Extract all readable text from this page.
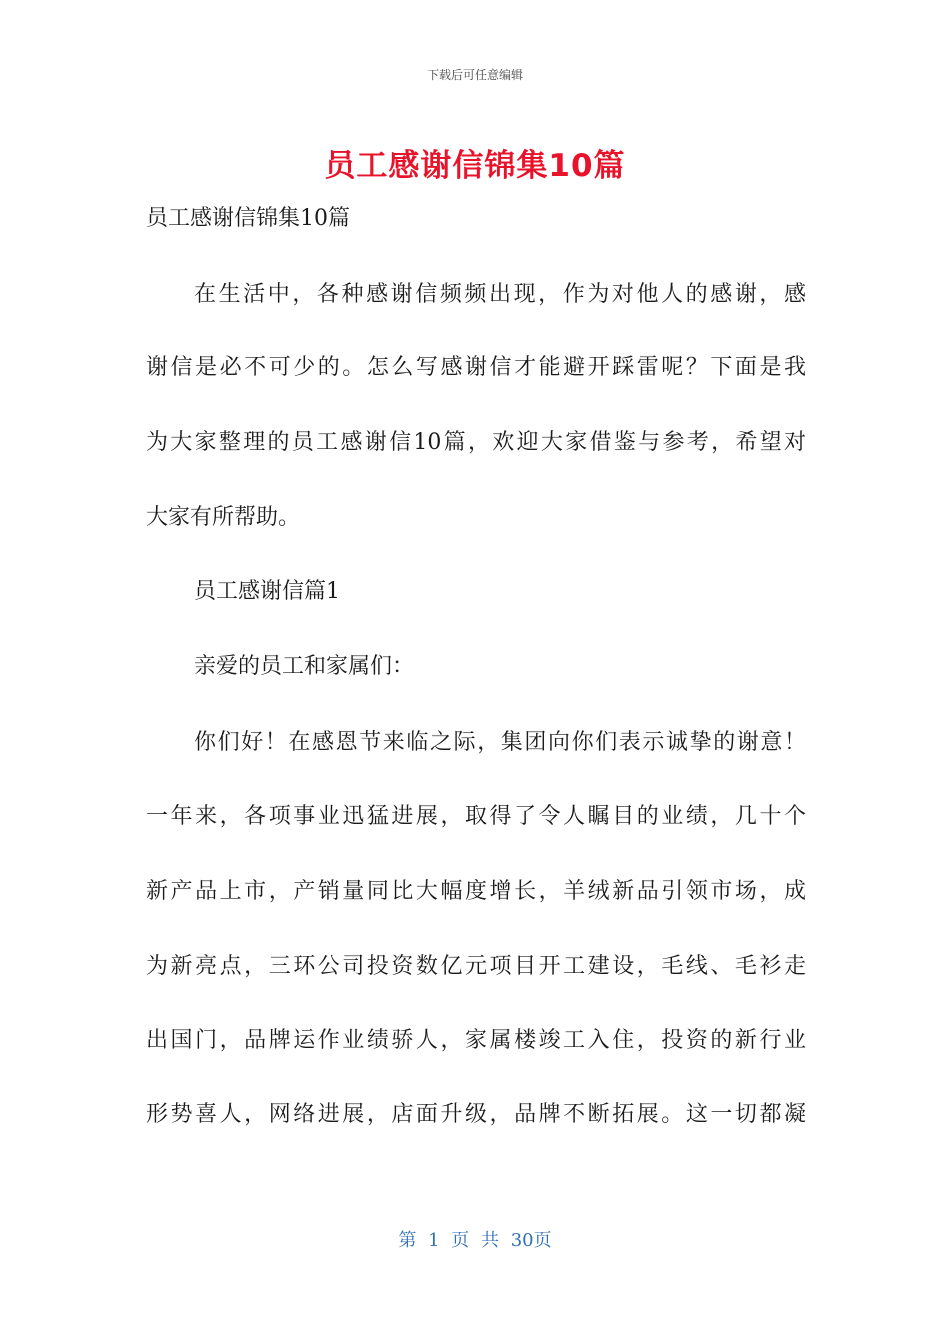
下载后可任意编辑
员工感谢信锦集10篇
员工感谢信锦集10篇
在生活中，各种感谢信频频出现，作为对他人的感谢，感
谢信是必不可少的。怎么写感谢信才能避开踩雷呢？下面是我
为大家整理的员工感谢信10篇，欢迎大家借鉴与参考，希望对
大家有所帮助。
员工感谢信篇1
亲爱的员工和家属们：
你们好！在感恩节来临之际，集团向你们表示诚挚的谢意！
一年来，各项事业迅猛进展，取得了令人瞩目的业绩，几十个
新产品上市，产销量同比大幅度增长，羊绒新品引领市场，成
为新亮点，三环公司投资数亿元项目开工建设，毛线、毛衫走
出国门，品牌运作业绩骄人，家属楼竣工入住，投资的新行业
形势喜人，网络进展，店面升级，品牌不断拓展。这一切都凝
第 1 页 共 30页
